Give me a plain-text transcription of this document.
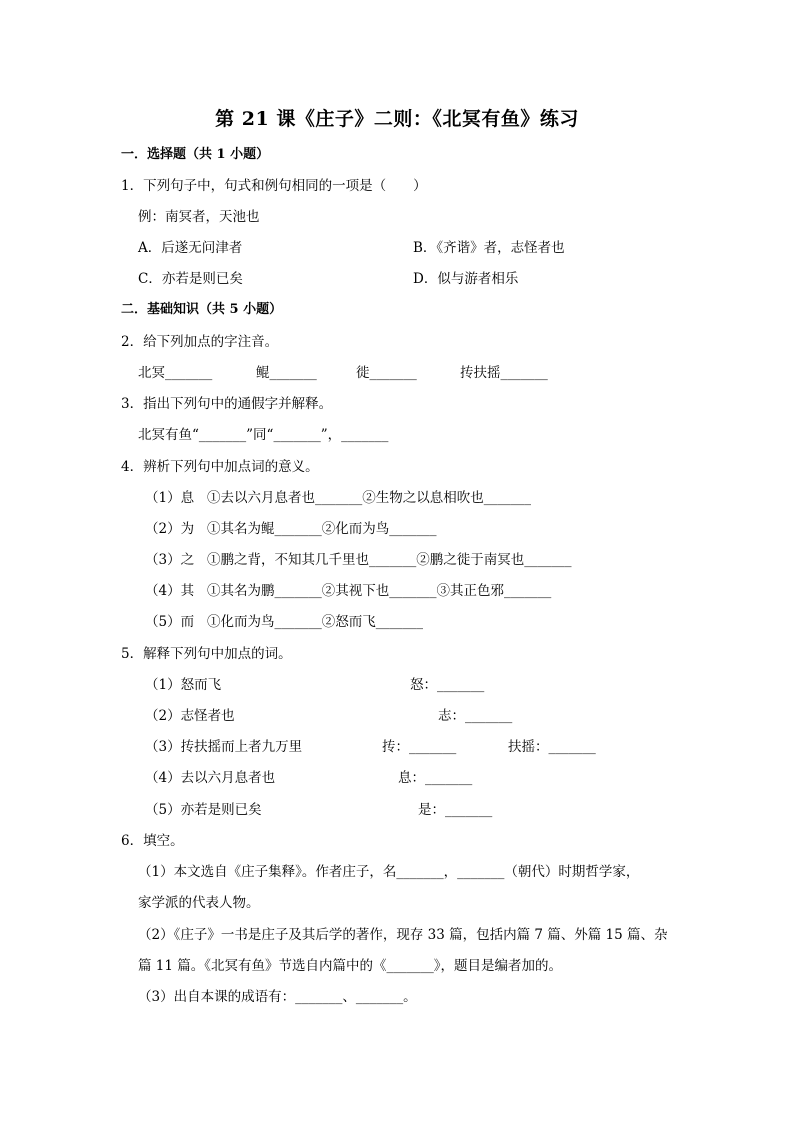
第 21 课《庄子》二则：《北冥有鱼》练习
一．选择题（共 1 小题）
1．下列句子中，句式和例句相同的一项是（　　）
例：南冥者，天池也
A．后遂无问津者	B．《齐谐》者，志怪者也
C．亦若是则已矣	D．似与游者相乐
二．基础知识（共 5 小题）
2．给下列加点的字注音。
北冥_______	鲲_______	徙_______	抟扶摇_______
3．指出下列句中的通假字并解释。
北冥有鱼“_______”同“_______”，_______
4．辨析下列句中加点词的意义。
（1）息 ①去以六月息者也_______②生物之以息相吹也_______
（2）为 ①其名为鲲_______②化而为鸟_______
（3）之 ①鹏之背，不知其几千里也_______②鹏之徙于南冥也_______
（4）其 ①其名为鹏_______②其视下也_______③其正色邪_______
（5）而 ①化而为鸟_______②怒而飞_______
5．解释下列句中加点的词。
（1）怒而飞	怒：_______
（2）志怪者也	志：_______
（3）抟扶摇而上者九万里	抟：_______	扶摇：_______
（4）去以六月息者也	息：_______
（5）亦若是则已矣	是：_______
6．填空。
（1）本文选自《庄子集释》。作者庄子，名_______，_______（朝代）时期哲学家，
家学派的代表人物。
（2）《庄子》一书是庄子及其后学的著作，现存 33 篇，包括内篇 7 篇、外篇 15 篇、杂
篇 11 篇。《北冥有鱼》节选自内篇中的《_______》，题目是编者加的。
（3）出自本课的成语有：_______、_______。
